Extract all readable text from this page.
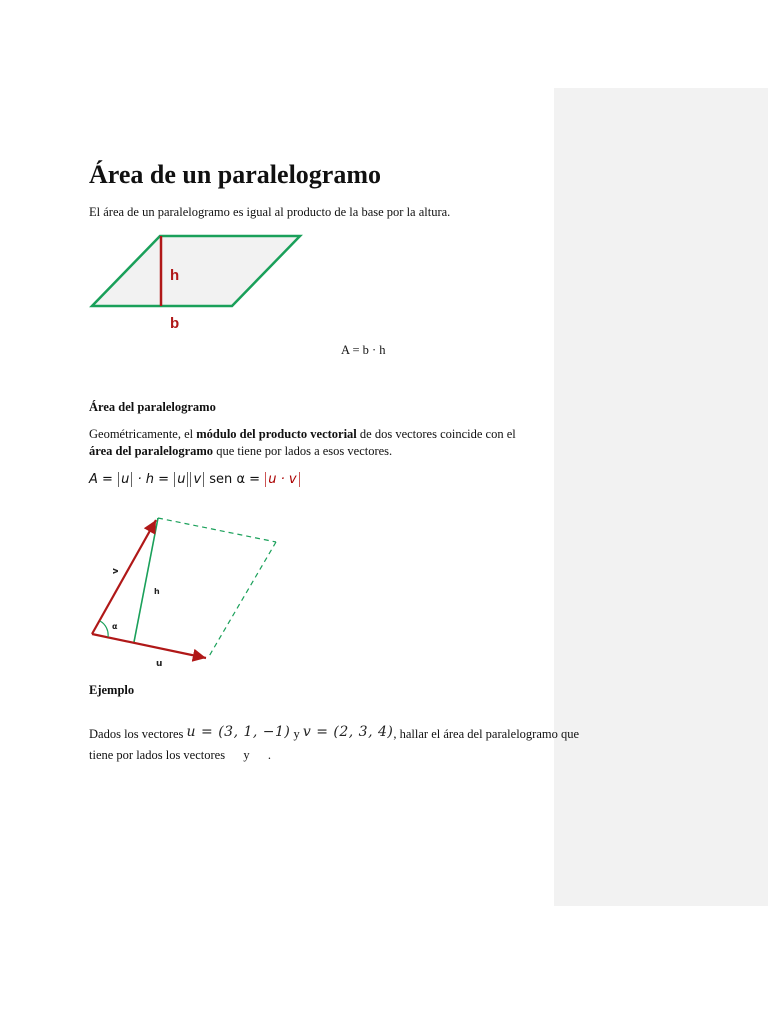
Área de un paralelogramo
El área de un paralelogramo es igual al producto de la base por la altura.
h
b
A = b · h
Área del paralelogramo
Geométricamente, el módulo del producto vectorial de dos vectores coincide con el área del paralelogramo que tiene por lados a esos vectores.
A = u · h = u v sen α = u · v
α
h
v
u
Ejemplo
Dados los vectores u = (3, 1, −1) y v = (2, 3, 4), hallar el área del paralelogramo que
tiene por lados los vectores y .
